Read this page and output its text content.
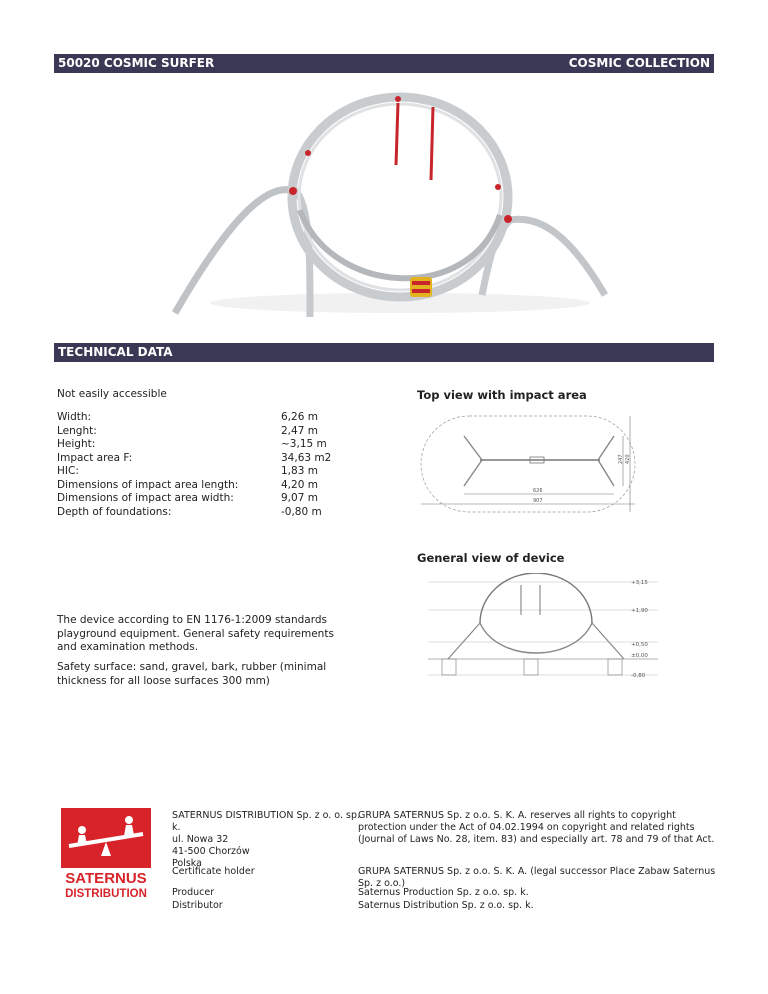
50020 COSMIC SURFER	COSMIC COLLECTION
TECHNICAL DATA
Not easily accessible
Width:	6,26 m
Lenght:	2,47 m
Height:	~3,15 m
Impact area F:	34,63 m2
HIC:	1,83 m
Dimensions of impact area length:	4,20 m
Dimensions of impact area width:	9,07 m
Depth of foundations:	-0,80 m
Top view with impact area
626
907
247 420
General view of device
+3,15
+1,90
+0,50
±0,00
-0,80
The device according to EN 1176-1:2009 standards playground equipment. General safety requirements and examination methods.
Safety surface: sand, gravel, bark, rubber (minimal thickness for all loose surfaces 300 mm)
SATERNUS
DISTRIBUTION
SATERNUS DISTRIBUTION Sp. z o. o. sp. k.
ul. Nowa 32
41-500 Chorzów
Polska
GRUPA SATERNUS Sp. z o.o. S. K. A. reserves all rights to copyright protection under the Act of 04.02.1994 on copyright and related rights (Journal of Laws No. 28, item. 83) and especially art. 78 and 79 of that Act.
Certificate holder	GRUPA SATERNUS Sp. z o.o. S. K. A. (legal successor Place Zabaw Saternus Sp. z o.o.)
Producer	Saternus Production Sp. z o.o. sp. k.
Distributor	Saternus Distribution Sp. z o.o. sp. k.
